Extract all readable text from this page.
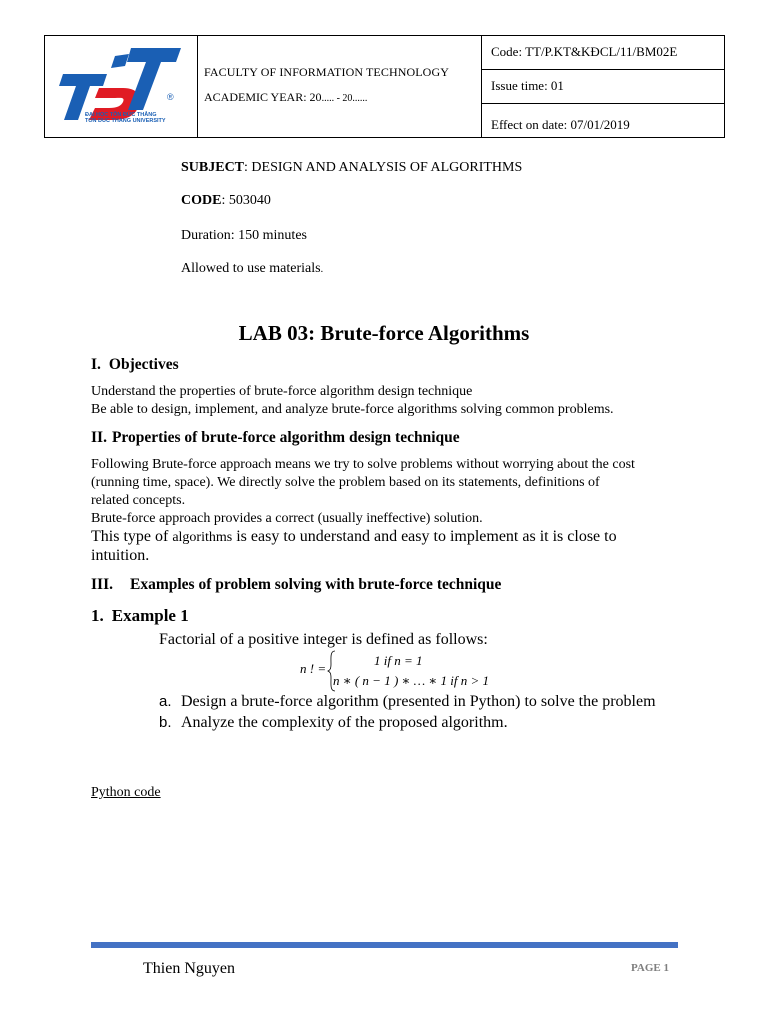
®
ĐẠI HỌC TÔN ĐỨC THẮNG
TON DUC THANG UNIVERSITY
FACULTY OF INFORMATION TECHNOLOGY
ACADEMIC YEAR: 20..... - 20......
Code: TT/P.KT&KĐCL/11/BM02E
Issue time: 01
Effect on date: 07/01/2019
SUBJECT: DESIGN AND ANALYSIS OF ALGORITHMS
CODE: 503040
Duration: 150 minutes
Allowed to use materials.
LAB 03: Brute-force Algorithms
I. Objectives
Understand the properties of brute-force algorithm design technique
Be able to design, implement, and analyze brute-force algorithms solving common problems.
II. Properties of brute-force algorithm design technique
Following Brute-force approach means we try to solve problems without worrying about the cost
(running time, space). We directly solve the problem based on its statements, definitions of
related concepts.
Brute-force approach provides a correct (usually ineffective) solution.
This type of algorithms is easy to understand and easy to implement as it is close to
intuition.
III. Examples of problem solving with brute-force technique
1. Example 1
Factorial of a positive integer is defined as follows:
n ! =
1 if n = 1
n ∗ ( n − 1 ) ∗ … ∗ 1 if n > 1
a. Design a brute-force algorithm (presented in Python) to solve the problem
b. Analyze the complexity of the proposed algorithm.
Python code
Thien Nguyen	PAGE 1
